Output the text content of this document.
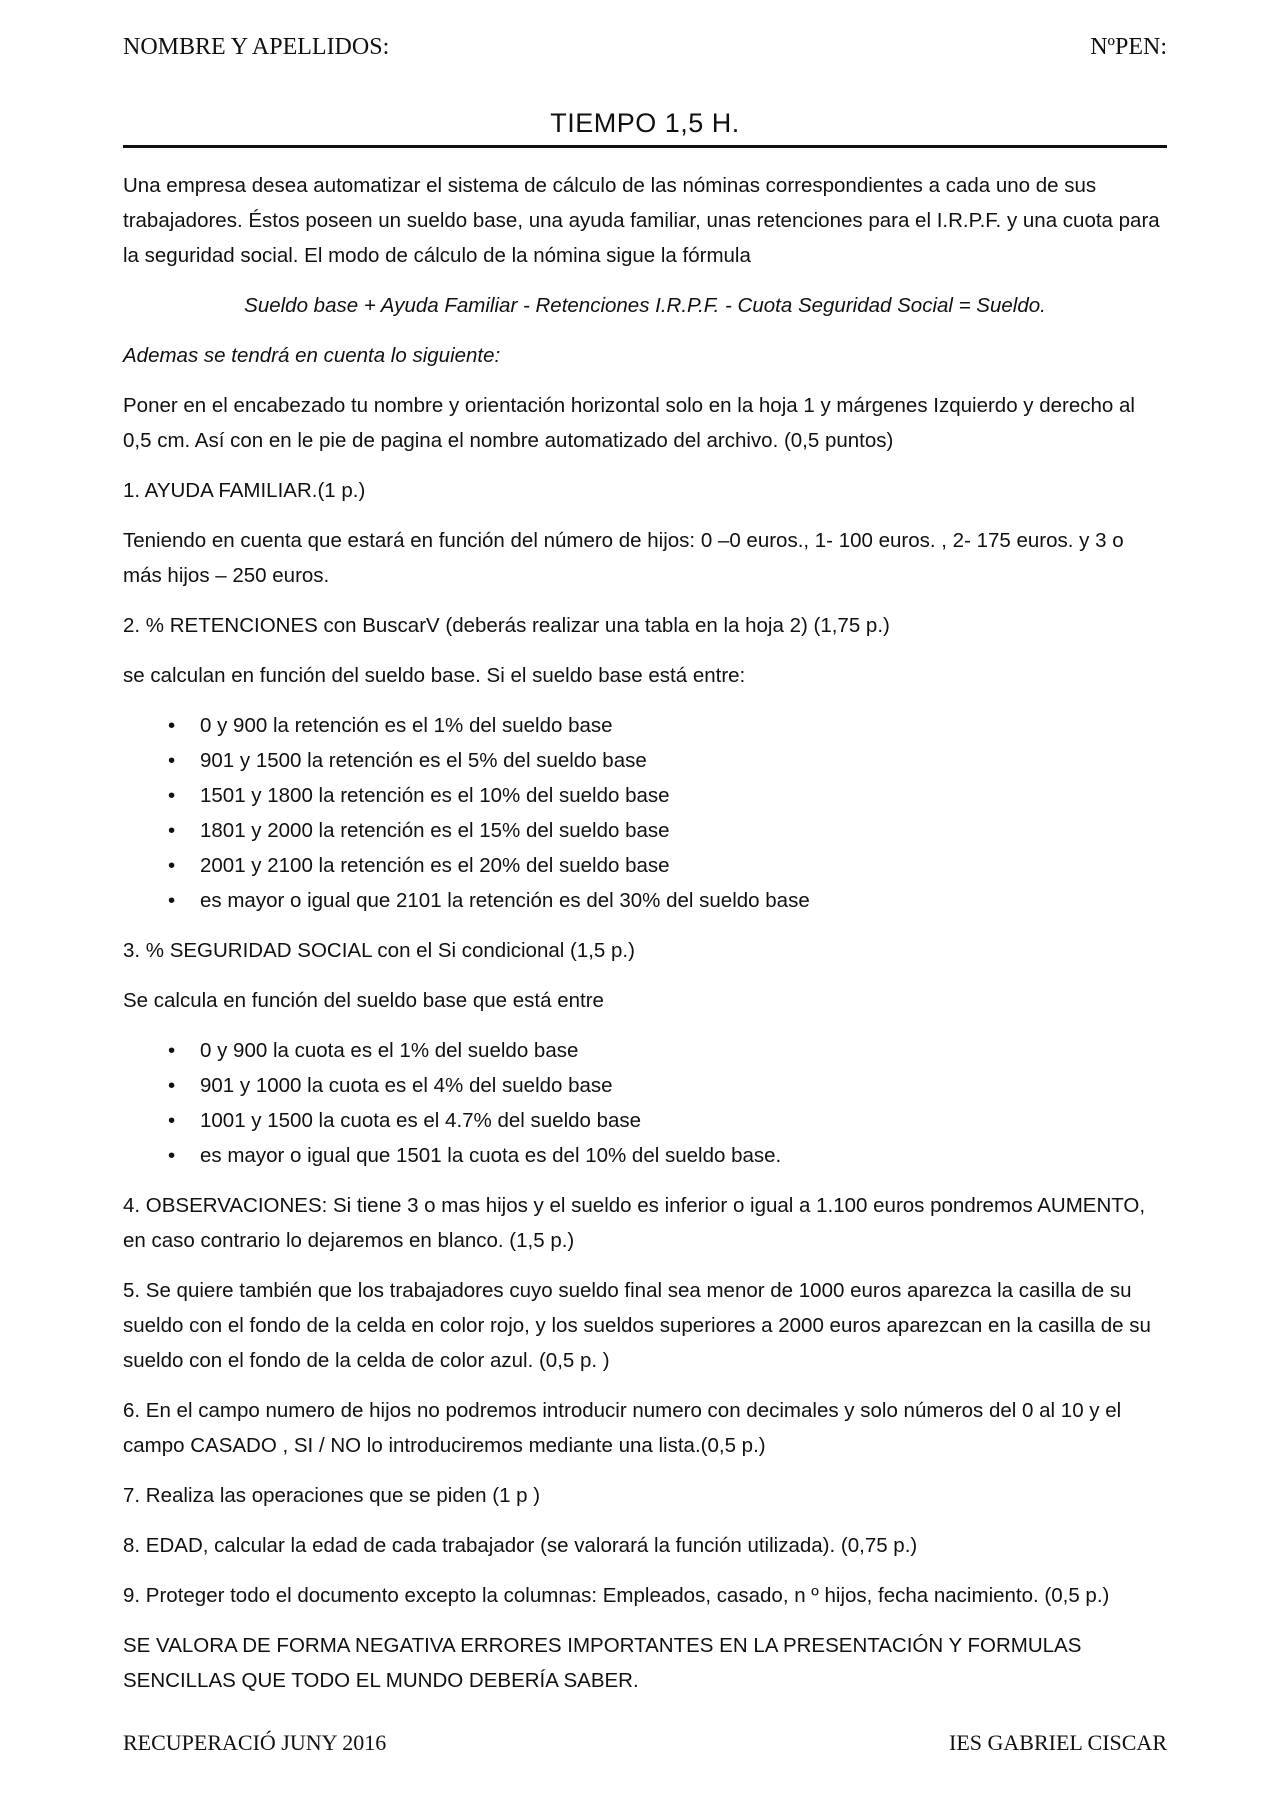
NOMBRE Y APELLIDOS:	NºPEN:
TIEMPO 1,5 H.

Una empresa desea automatizar el sistema de cálculo de las nóminas correspondientes a cada uno de sus trabajadores. Éstos poseen un sueldo base, una ayuda familiar, unas retenciones para el I.R.P.F. y una cuota para la seguridad social. El modo de cálculo de la nómina sigue la fórmula

Sueldo base + Ayuda Familiar - Retenciones I.R.P.F. - Cuota Seguridad Social = Sueldo.

Ademas se tendrá en cuenta lo siguiente:

Poner en el encabezado tu nombre y orientación horizontal solo en la hoja 1 y márgenes Izquierdo y derecho al 0,5 cm. Así con en le pie de pagina el nombre automatizado del archivo. (0,5 puntos)

1. AYUDA FAMILIAR.(1 p.)

Teniendo en cuenta que estará en función del número de hijos: 0 –0 euros., 1- 100 euros. , 2- 175 euros. y 3 o más hijos – 250 euros.

2. % RETENCIONES con BuscarV (deberás realizar una tabla en la hoja 2) (1,75 p.)

se calculan en función del sueldo base. Si el sueldo base está entre:

• 0 y 900 la retención es el 1% del sueldo base
• 901 y 1500 la retención es el 5% del sueldo base
• 1501 y 1800 la retención es el 10% del sueldo base
• 1801 y 2000 la retención es el 15% del sueldo base
• 2001 y 2100 la retención es el 20% del sueldo base
• es mayor o igual que 2101 la retención es del 30% del sueldo base

3. % SEGURIDAD SOCIAL con el Si condicional (1,5 p.)

Se calcula en función del sueldo base que está entre

• 0 y 900 la cuota es el 1% del sueldo base
• 901 y 1000 la cuota es el 4% del sueldo base
• 1001 y 1500 la cuota es el 4.7% del sueldo base
• es mayor o igual que 1501 la cuota es del 10% del sueldo base.

4. OBSERVACIONES: Si tiene 3 o mas hijos y el sueldo es inferior o igual a 1.100 euros pondremos AUMENTO, en caso contrario lo dejaremos en blanco. (1,5 p.)

5. Se quiere también que los trabajadores cuyo sueldo final sea menor de 1000 euros aparezca la casilla de su sueldo con el fondo de la celda en color rojo, y los sueldos superiores a 2000 euros aparezcan en la casilla de su sueldo con el fondo de la celda de color azul. (0,5 p. )

6. En el campo numero de hijos no podremos introducir numero con decimales y solo números del 0 al 10 y el campo CASADO , SI / NO lo introduciremos mediante una lista.(0,5 p.)

7. Realiza las operaciones que se piden (1 p )

8. EDAD, calcular la edad de cada trabajador (se valorará la función utilizada). (0,75 p.)

9. Proteger todo el documento excepto la columnas: Empleados, casado, n º hijos, fecha nacimiento. (0,5 p.)

SE VALORA DE FORMA NEGATIVA ERRORES IMPORTANTES EN LA PRESENTACIÓN Y FORMULAS SENCILLAS QUE TODO EL MUNDO DEBERÍA SABER.

RECUPERACIÓ JUNY 2016	IES GABRIEL CISCAR
